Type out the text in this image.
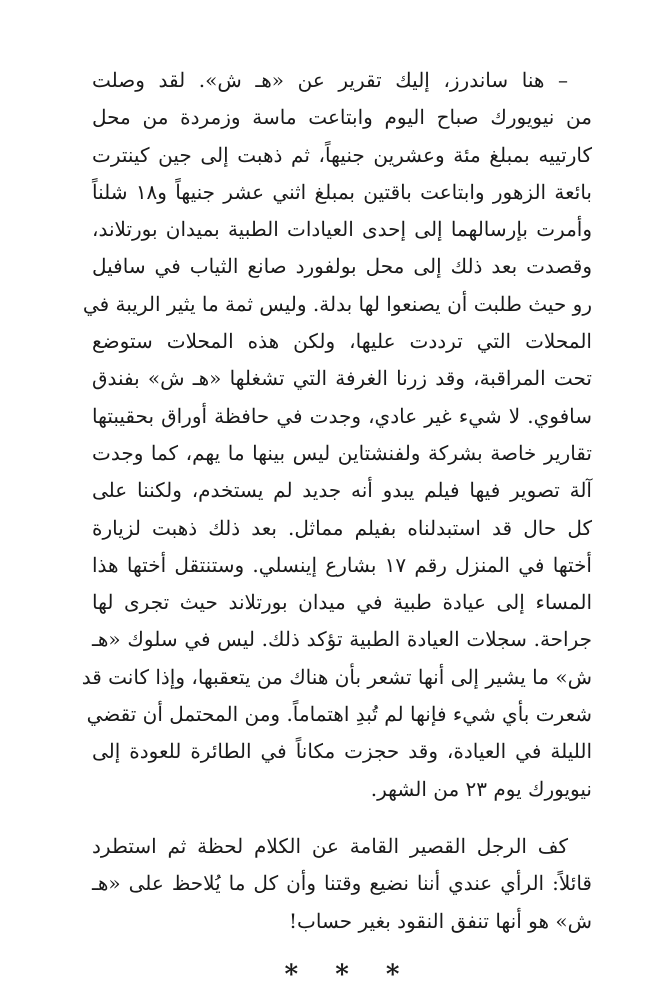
– هنا ساندرز، إليك تقرير عن «هـ ش». لقد وصلت
من نيويورك صباح اليوم وابتاعت ماسة وزمردة من محل
كارتييه بمبلغ مئة وعشرين جنيهاً، ثم ذهبت إلى جين كينترت
بائعة الزهور وابتاعت باقتين بمبلغ اثني عشر جنيهاً و١٨ شلناً
وأمرت بإرسالهما إلى إحدى العيادات الطبية بميدان بورتلاند،
وقصدت بعد ذلك إلى محل بولفورد صانع الثياب في سافيل
رو حيث طلبت أن يصنعوا لها بدلة. وليس ثمة ما يثير الريبة في
المحلات التي ترددت عليها، ولكن هذه المحلات ستوضع
تحت المراقبة، وقد زرنا الغرفة التي تشغلها «هـ ش» بفندق
سافوي. لا شيء غير عادي، وجدت في حافظة أوراق بحقيبتها
تقارير خاصة بشركة ولفنشتاين ليس بينها ما يهم، كما وجدت
آلة تصوير فيها فيلم يبدو أنه جديد لم يستخدم، ولكننا على
كل حال قد استبدلناه بفيلم مماثل. بعد ذلك ذهبت لزيارة
أختها في المنزل رقم ١٧ بشارع إينسلي. وستنتقل أختها هذا
المساء إلى عيادة طبية في ميدان بورتلاند حيث تجرى لها
جراحة. سجلات العيادة الطبية تؤكد ذلك. ليس في سلوك «هـ
ش» ما يشير إلى أنها تشعر بأن هناك من يتعقبها، وإذا كانت قد
شعرت بأي شيء فإنها لم تُبدِ اهتماماً. ومن المحتمل أن تقضي
الليلة في العيادة، وقد حجزت مكاناً في الطائرة للعودة إلى
نيويورك يوم ٢٣ من الشهر.
كف الرجل القصير القامة عن الكلام لحظة ثم استطرد
قائلاً: الرأي عندي أننا نضيع وقتنا وأن كل ما يُلاحظ على «هـ
ش» هو أنها تنفق النقود بغير حساب!
* * *
